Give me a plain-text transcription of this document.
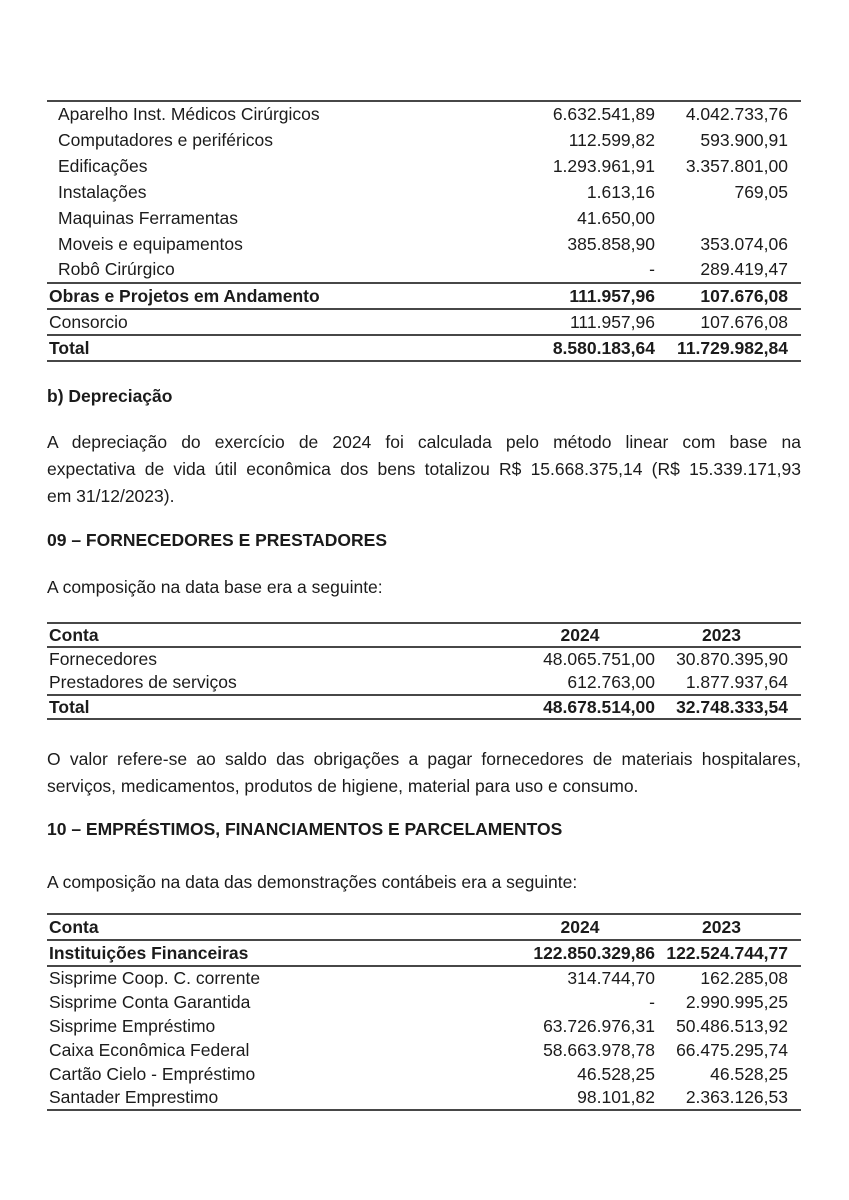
Aparelho Inst. Médicos Cirúrgicos	6.632.541,89	4.042.733,76
Computadores e periféricos	112.599,82	593.900,91
Edificações	1.293.961,91	3.357.801,00
Instalações	1.613,16	769,05
Maquinas Ferramentas	41.650,00	
Moveis e equipamentos	385.858,90	353.074,06
Robô Cirúrgico	-	289.419,47
Obras e Projetos em Andamento	111.957,96	107.676,08
Consorcio	111.957,96	107.676,08
Total	8.580.183,64	11.729.982,84
b) Depreciação
A depreciação do exercício de 2024 foi calculada pelo método linear com base na
expectativa de vida útil econômica dos bens totalizou R$ 15.668.375,14 (R$ 15.339.171,93
em 31/12/2023).
09 – FORNECEDORES E PRESTADORES
A composição na data base era a seguinte:
Conta	2024	2023
Fornecedores	48.065.751,00	30.870.395,90
Prestadores de serviços	612.763,00	1.877.937,64
Total	48.678.514,00	32.748.333,54
O valor refere-se ao saldo das obrigações a pagar fornecedores de materiais hospitalares,
serviços, medicamentos, produtos de higiene, material para uso e consumo.
10 – EMPRÉSTIMOS, FINANCIAMENTOS E PARCELAMENTOS
A composição na data das demonstrações contábeis era a seguinte:
Conta	2024	2023
Instituições Financeiras	122.850.329,86	122.524.744,77
Sisprime Coop. C. corrente	314.744,70	162.285,08
Sisprime Conta Garantida	-	2.990.995,25
Sisprime Empréstimo	63.726.976,31	50.486.513,92
Caixa Econômica Federal	58.663.978,78	66.475.295,74
Cartão Cielo - Empréstimo	46.528,25	46.528,25
Santader Emprestimo	98.101,82	2.363.126,53
